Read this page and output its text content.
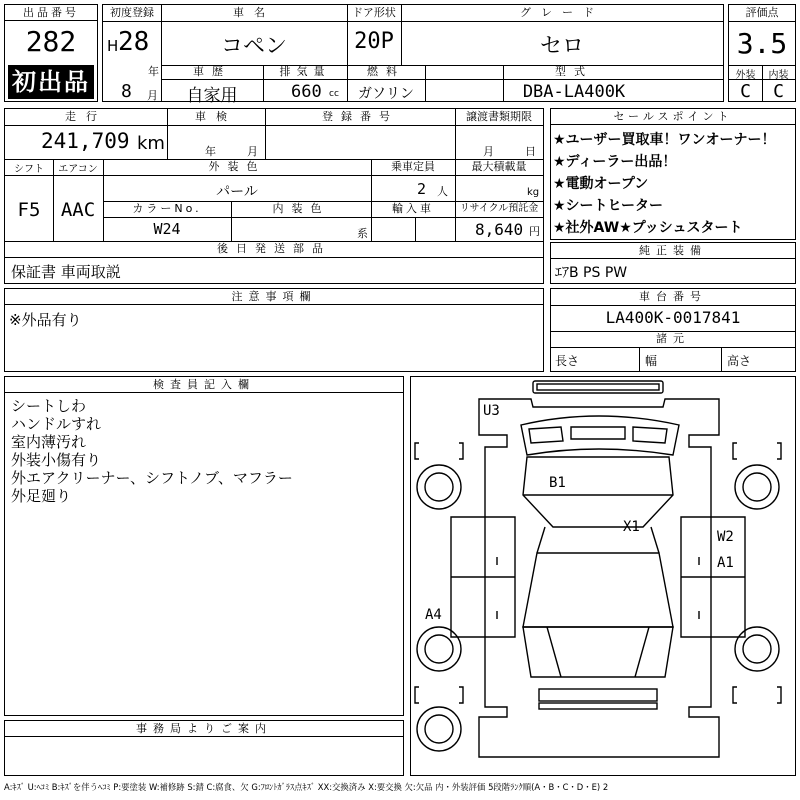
出品番号
282
初出品
初度登録
H 28
年
8 月
車名
コペン
ドア形状
20P
グレード
セロ
車歴
自家用
排気量
660 cc
燃料
ガソリン
型式
DBA-LA400K
評価点
3.5
外装	内装
C	C
走行
241,709 km
車検
年	月
登録番号	譲渡書類期限
月	日
シフト
F5
エアコン
AAC
外装色
パール
乗車定員
2 人
最大積載量
kg
カラーNo.
W24
内装色
系
輸入車	リサイクル預託金
8,640 円
後日発送部品
保証書 車両取説
セールスポイント
★ユーザー買取車！ワンオーナー！
★ディーラー出品！
★電動オープン
★シートヒーター
★社外AW★プッシュスタート
純正装備
ｴｱB PS PW
注意事項欄
※外品有り
車台番号
LA400K-0017841
諸元
長さ	幅	高さ
検査員記入欄
シートしわ
ハンドルすれ
室内薄汚れ
外装小傷有り
外エアクリーナー、シフトノブ、マフラー
外足廻り
事務局よりご案内
U3
B1
X1
W2
A1
A4
A:ｷｽﾞ U:ﾍｺﾐ B:ｷｽﾞを伴うﾍｺﾐ P:要塗装 W:補修跡 S:錆 C:腐食、欠 G:ﾌﾛﾝﾄｶﾞﾗｽ点ｷｽﾞ XX:交換済み X:要交換 欠:欠品 内・外装評価 5段階ﾗﾝｸ順(A・B・C・D・E) 2
